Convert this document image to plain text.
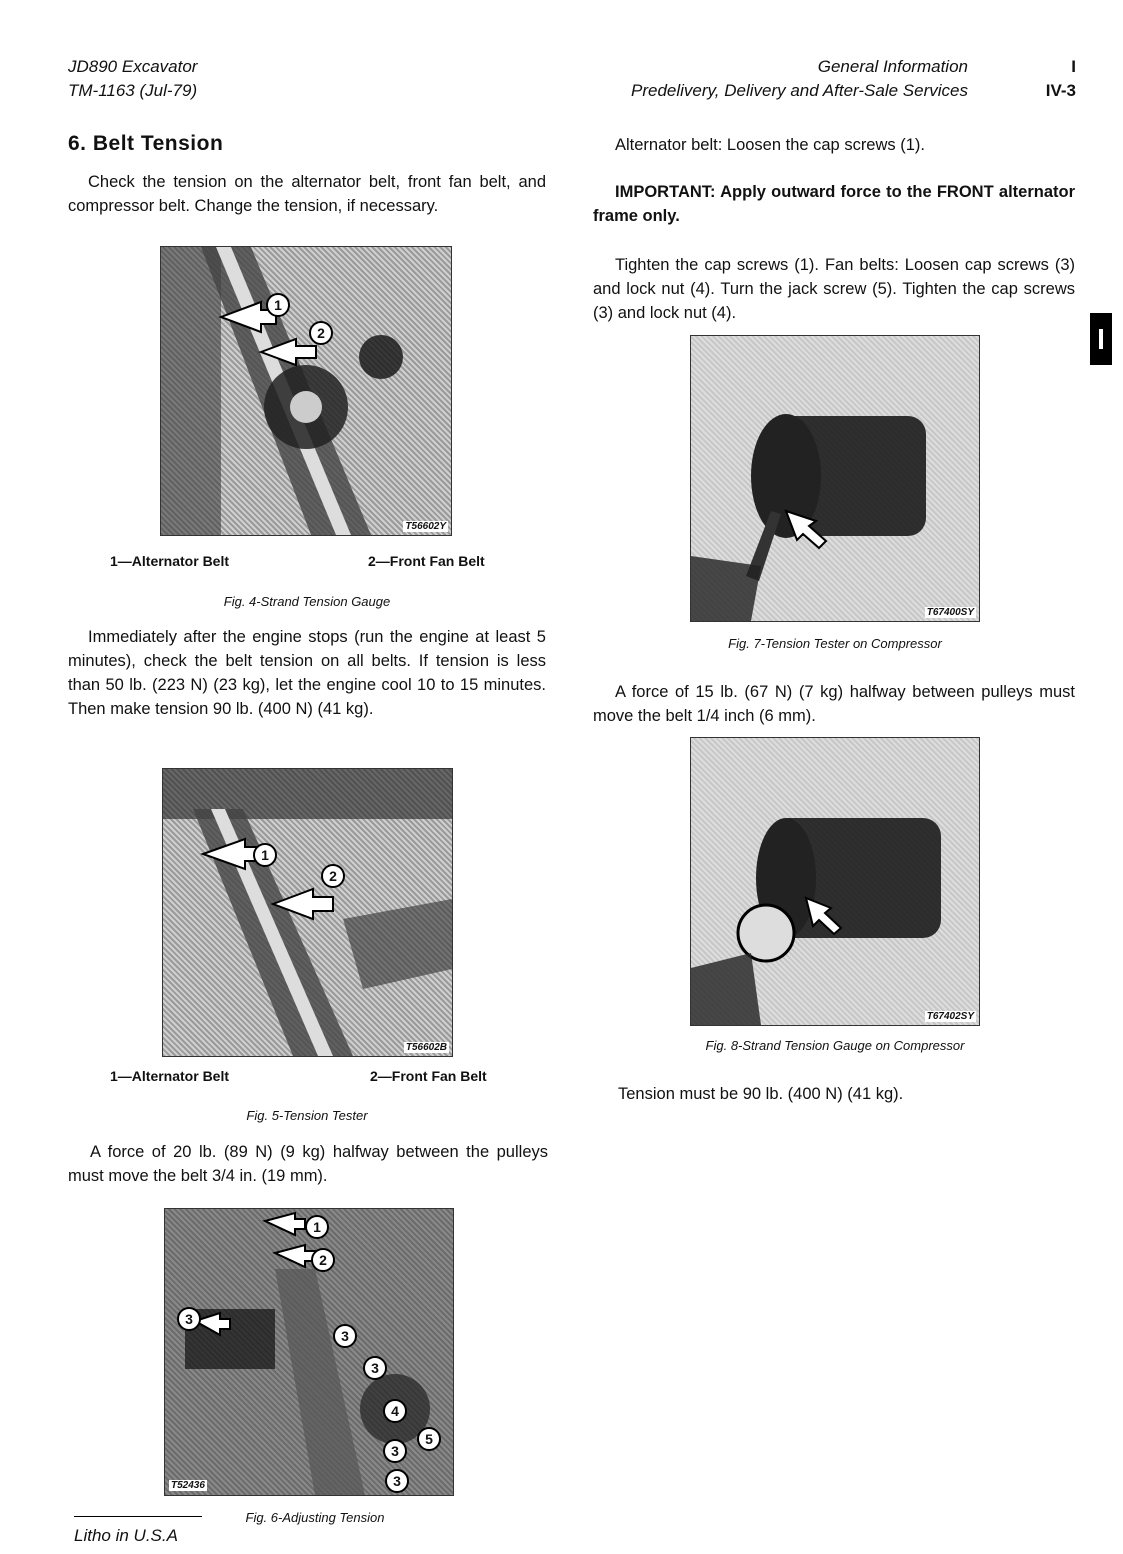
JD890 Excavator
TM-1163 (Jul-79)
General Information
Predelivery, Delivery and After-Sale Services
I
IV-3
6. Belt Tension
Check the tension on the alternator belt, front fan belt, and compressor belt. Change the tension, if necessary.
1
2
T56602Y
1—Alternator Belt	2—Front Fan Belt
Fig. 4-Strand Tension Gauge
Immediately after the engine stops (run the engine at least 5 minutes), check the belt tension on all belts. If tension is less than 50 lb. (223 N) (23 kg), let the engine cool 10 to 15 minutes. Then make tension 90 lb. (400 N) (41 kg).
1
2
T56602B
1—Alternator Belt	2—Front Fan Belt
Fig. 5-Tension Tester
A force of 20 lb. (89 N) (9 kg) halfway between the pulleys must move the belt 3/4 in. (19 mm).
1
2
3
3
3
4
5
3
3
T52436
Fig. 6-Adjusting Tension
Alternator belt: Loosen the cap screws (1).
IMPORTANT: Apply outward force to the FRONT alternator frame only.
Tighten the cap screws (1). Fan belts: Loosen cap screws (3) and lock nut (4). Turn the jack screw (5). Tighten the cap screws (3) and lock nut (4).
T67400SY
Fig. 7-Tension Tester on Compressor
A force of 15 lb. (67 N) (7 kg) halfway between pulleys must move the belt 1/4 inch (6 mm).
T67402SY
Fig. 8-Strand Tension Gauge on Compressor
Tension must be 90 lb. (400 N) (41 kg).
Litho in U.S.A
